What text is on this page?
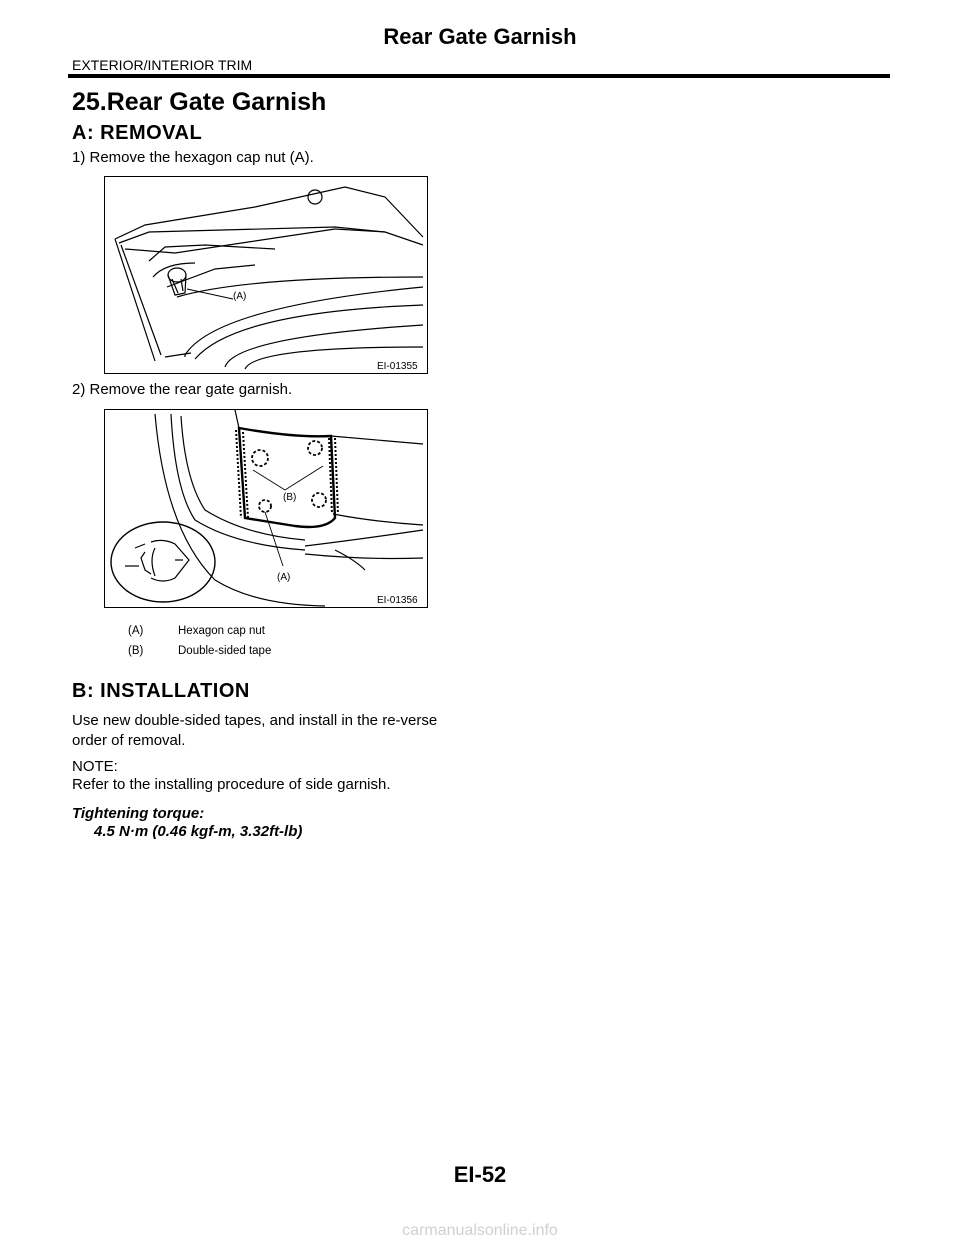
Rear Gate Garnish
EXTERIOR/INTERIOR TRIM
25.Rear Gate Garnish
A: REMOVAL
1) Remove the hexagon cap nut (A).
(A)
EI-01355
2) Remove the rear gate garnish.
(B)
(A)
EI-01356
(A)	Hexagon cap nut
(B)	Double-sided tape
B: INSTALLATION
Use new double-sided tapes, and install in the re-verse order of removal.
NOTE:
Refer to the installing procedure of side garnish.
Tightening torque:
4.5 N·m (0.46 kgf-m, 3.32ft-lb)
EI-52
carmanualsonline.info
